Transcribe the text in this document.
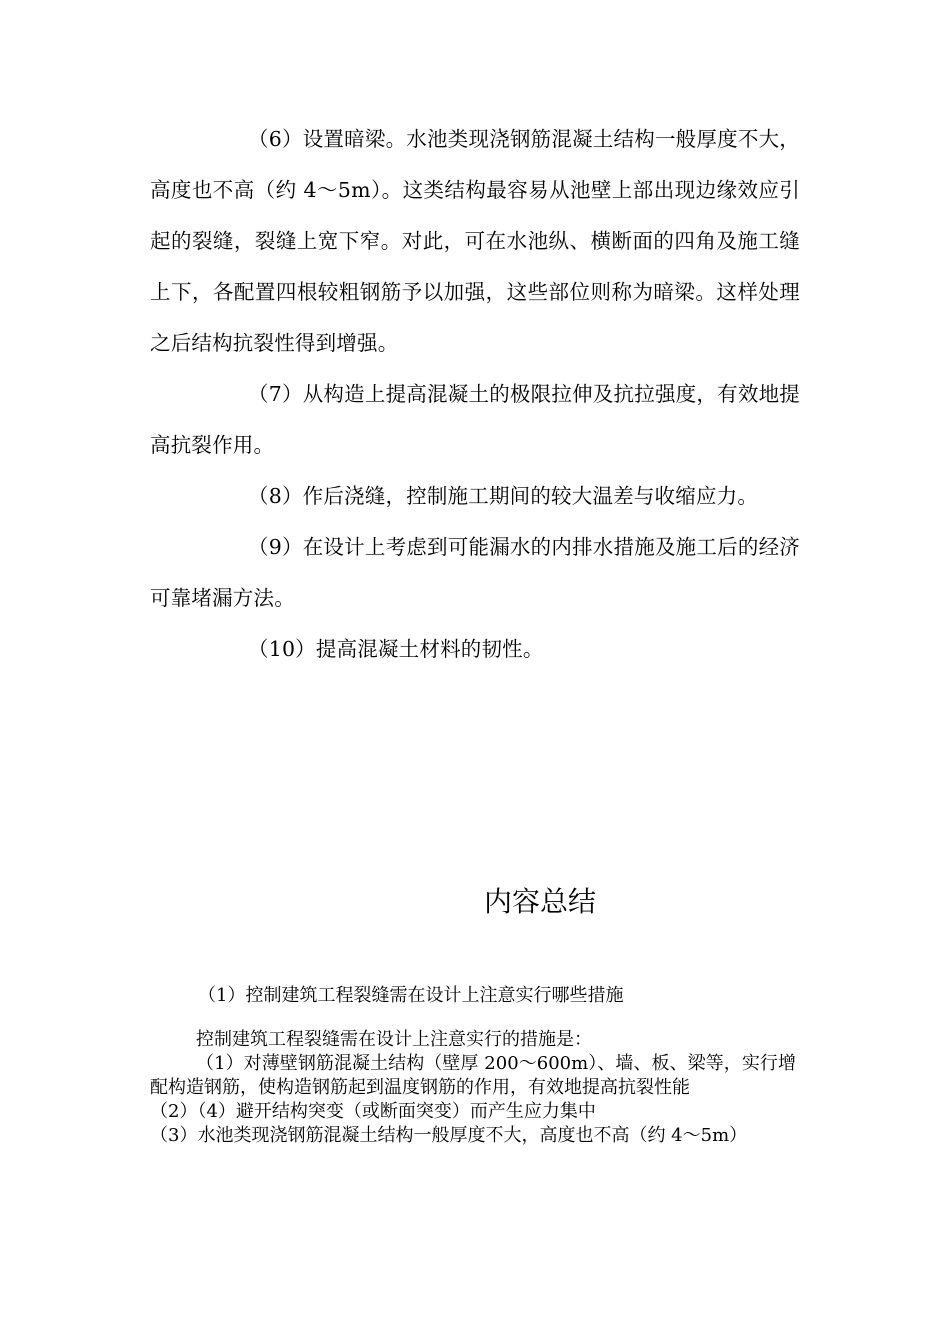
（6）设置暗梁。水池类现浇钢筋混凝土结构一般厚度不大，高度也不高（约 4～5m）。这类结构最容易从池壁上部出现边缘效应引起的裂缝，裂缝上宽下窄。对此，可在水池纵、横断面的四角及施工缝上下，各配置四根较粗钢筋予以加强，这些部位则称为暗梁。这样处理之后结构抗裂性得到增强。

（7）从构造上提高混凝土的极限拉伸及抗拉强度，有效地提高抗裂作用。

（8）作后浇缝，控制施工期间的较大温差与收缩应力。

（9）在设计上考虑到可能漏水的内排水措施及施工后的经济可靠堵漏方法。

（10）提高混凝土材料的韧性。

内容总结

（1）控制建筑工程裂缝需在设计上注意实行哪些措施

控制建筑工程裂缝需在设计上注意实行的措施是：

（1）对薄壁钢筋混凝土结构（壁厚 200～600m）、墙、板、梁等，实行增配构造钢筋，使构造钢筋起到温度钢筋的作用，有效地提高抗裂性能

（2）（4）避开结构突变（或断面突变）而产生应力集中

（3）水池类现浇钢筋混凝土结构一般厚度不大，高度也不高（约 4～5m）
